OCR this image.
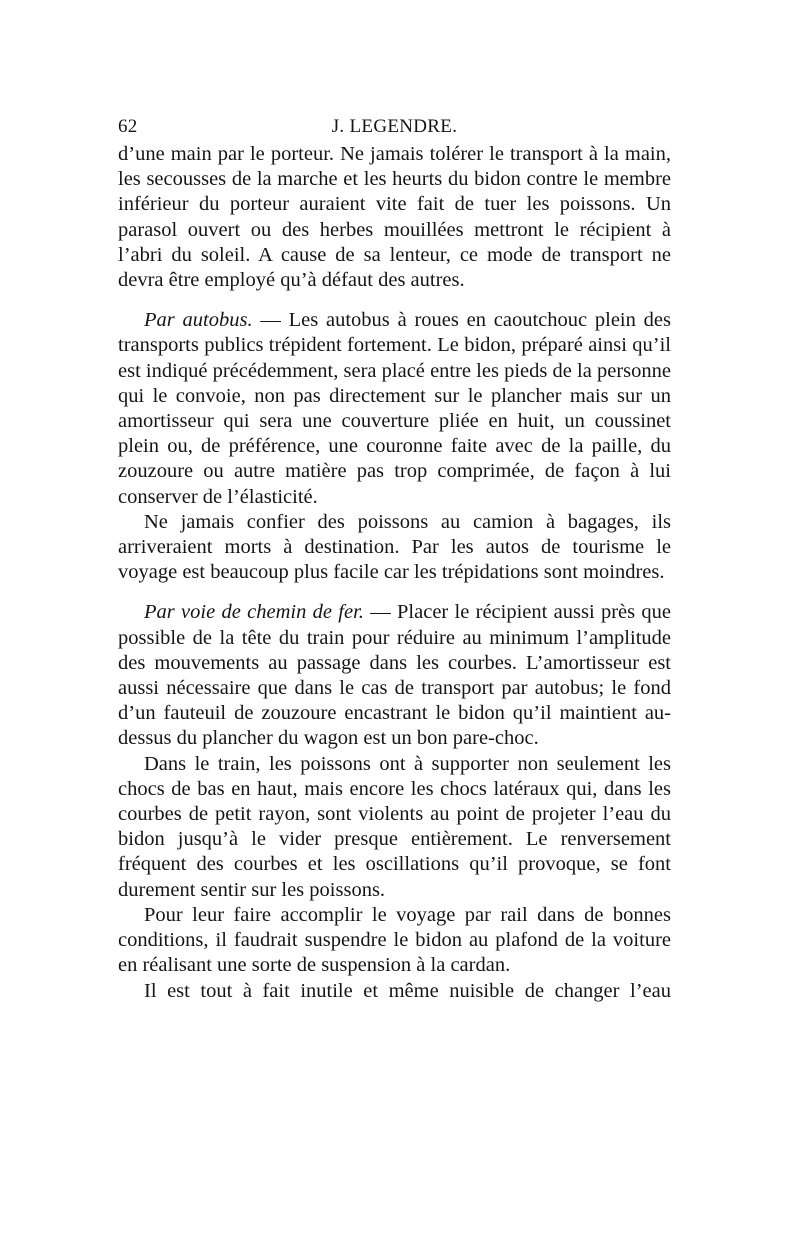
62	J. LEGENDRE.

d’une main par le porteur. Ne jamais tolérer le transport à la main, les secousses de la marche et les heurts du bidon contre le membre inférieur du porteur auraient vite fait de tuer les poissons. Un parasol ouvert ou des herbes mouillées mettront le récipient à l’abri du soleil. A cause de sa lenteur, ce mode de transport ne devra être employé qu’à défaut des autres.

Par autobus. — Les autobus à roues en caoutchouc plein des transports publics trépident fortement. Le bidon, préparé ainsi qu’il est indiqué précédemment, sera placé entre les pieds de la personne qui le convoie, non pas directement sur le plancher mais sur un amortisseur qui sera une couverture pliée en huit, un coussinet plein ou, de préférence, une couronne faite avec de la paille, du zouzoure ou autre matière pas trop comprimée, de façon à lui conserver de l’élasticité.

Ne jamais confier des poissons au camion à bagages, ils arriveraient morts à destination. Par les autos de tourisme le voyage est beaucoup plus facile car les trépidations sont moindres.

Par voie de chemin de fer. — Placer le récipient aussi près que possible de la tête du train pour réduire au minimum l’amplitude des mouvements au passage dans les courbes. L’amortisseur est aussi nécessaire que dans le cas de transport par autobus; le fond d’un fauteuil de zouzoure encastrant le bidon qu’il maintient au-dessus du plancher du wagon est un bon pare-choc.

Dans le train, les poissons ont à supporter non seulement les chocs de bas en haut, mais encore les chocs latéraux qui, dans les courbes de petit rayon, sont violents au point de projeter l’eau du bidon jusqu’à le vider presque entièrement. Le renversement fréquent des courbes et les oscillations qu’il provoque, se font durement sentir sur les poissons.

Pour leur faire accomplir le voyage par rail dans de bonnes conditions, il faudrait suspendre le bidon au plafond de la voiture en réalisant une sorte de suspension à la cardan.

Il est tout à fait inutile et même nuisible de changer l’eau
